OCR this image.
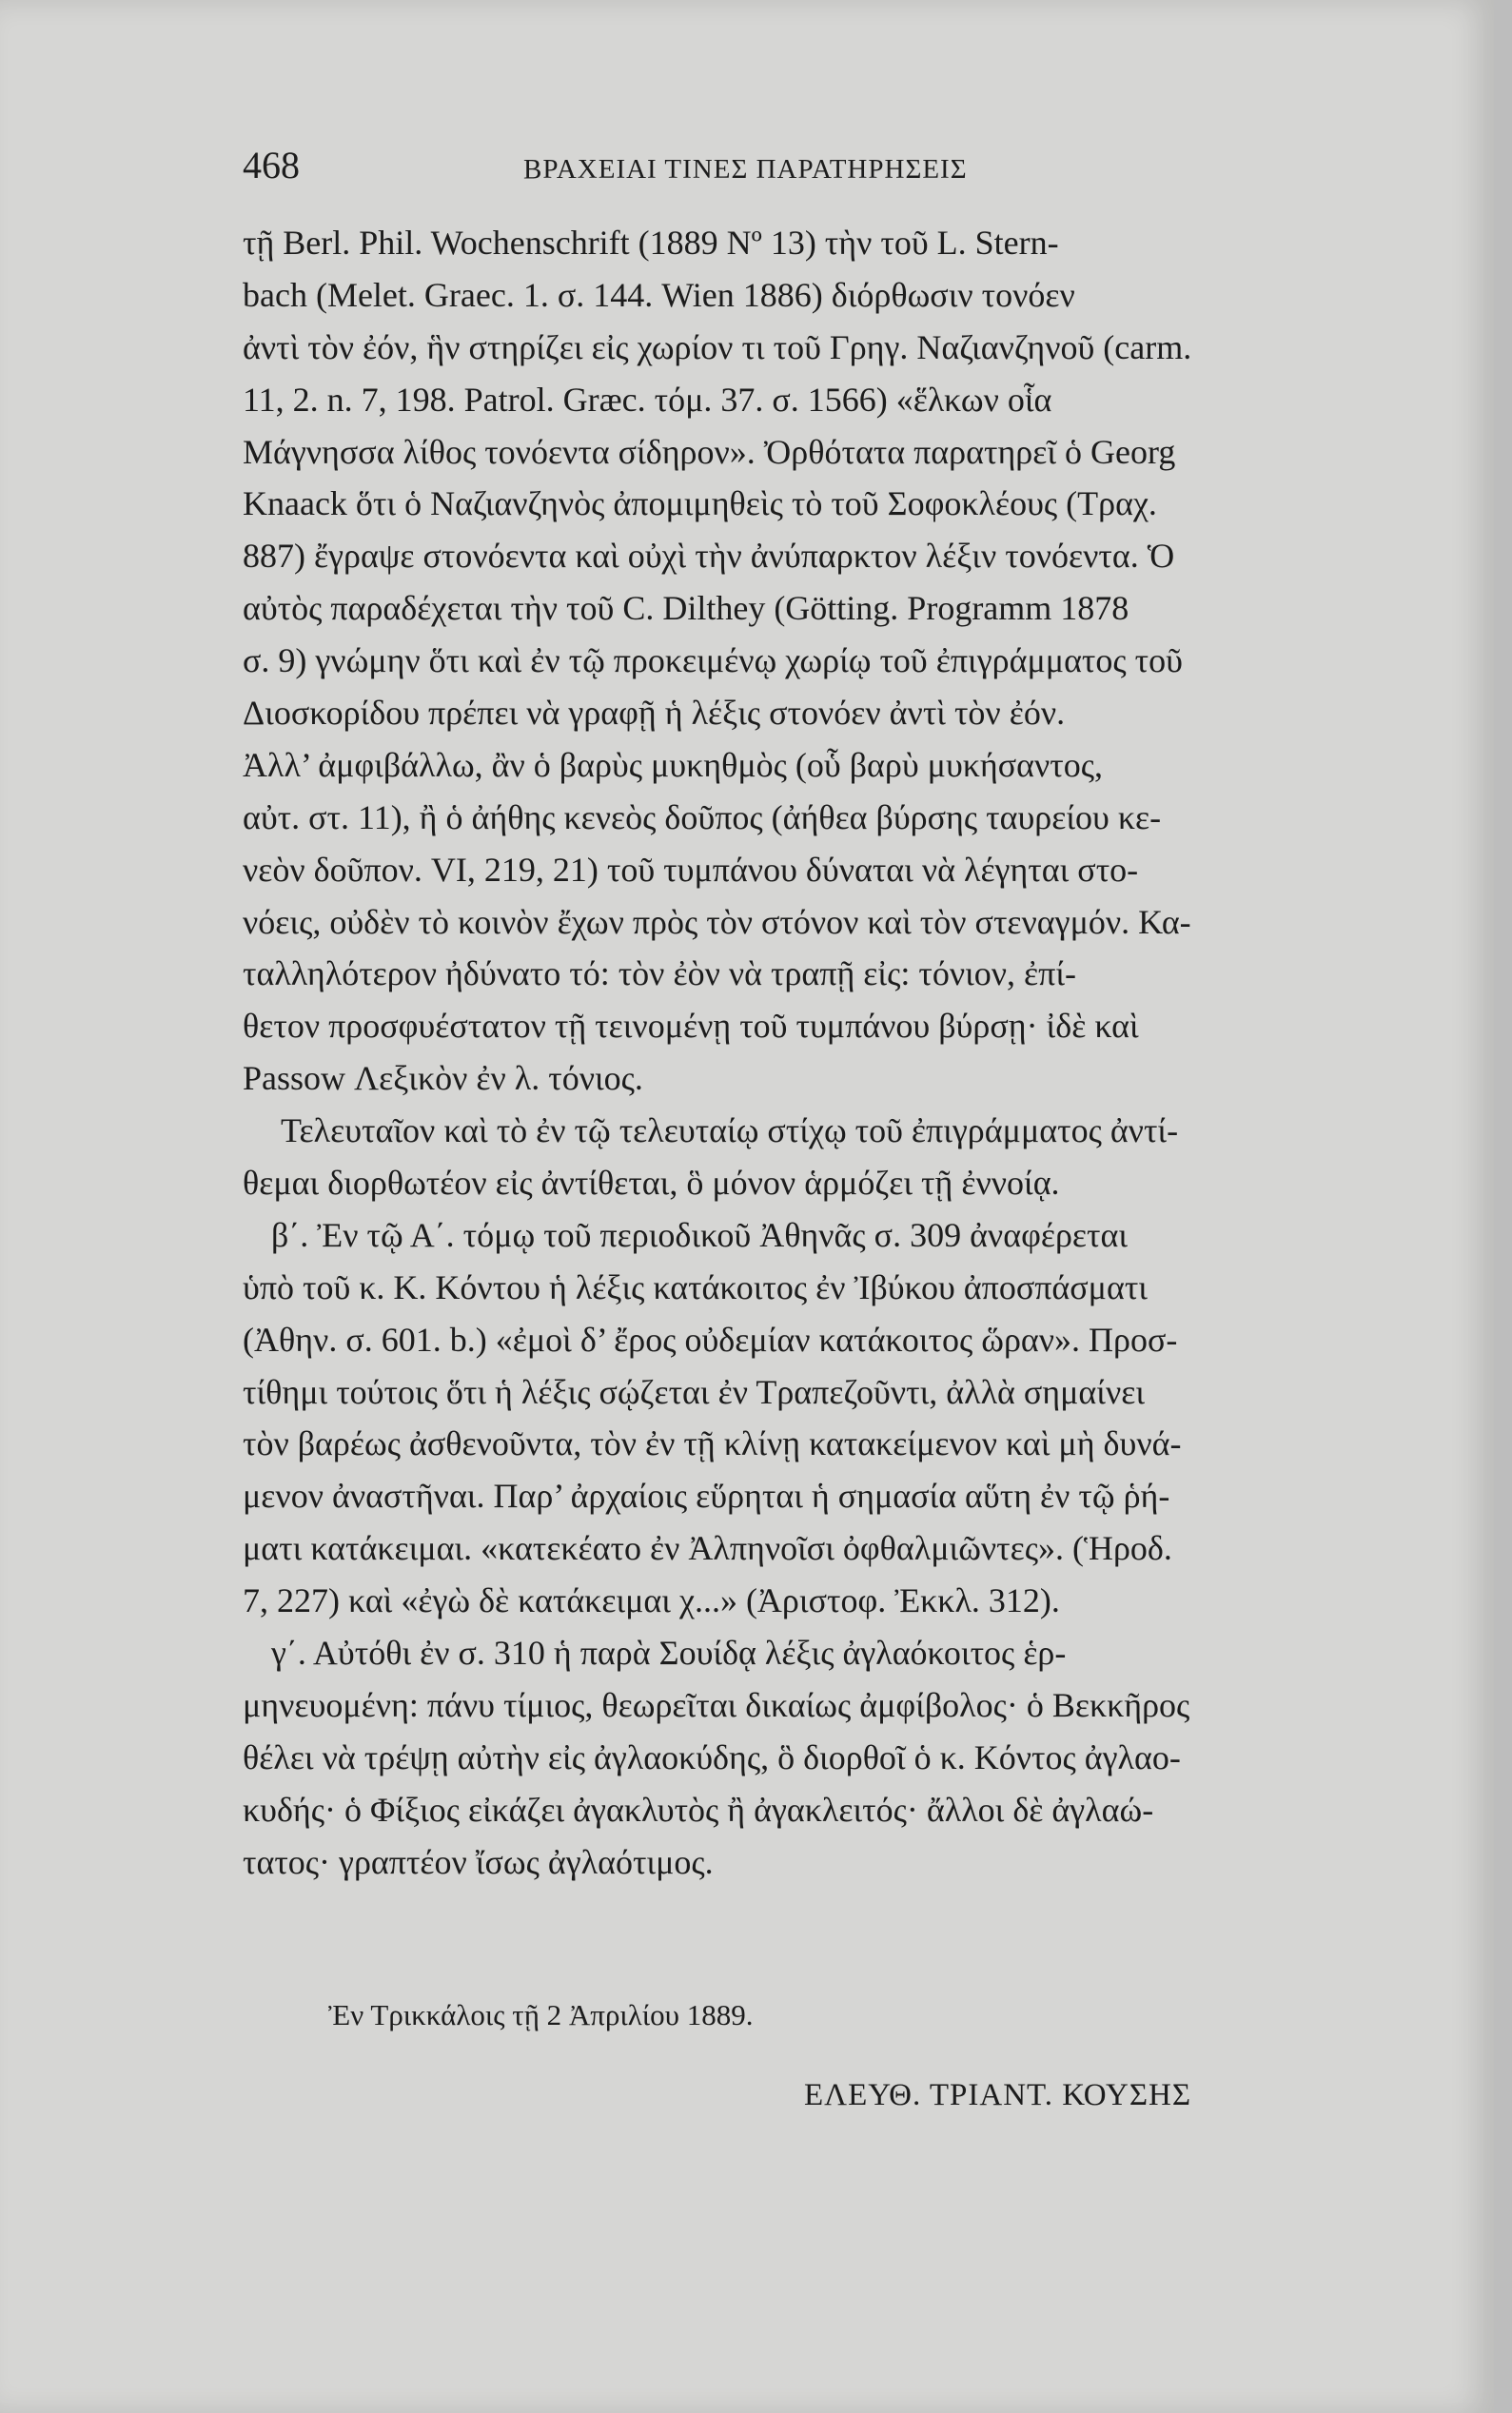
468	ΒΡΑΧΕΙΑΙ ΤΙΝΕΣ ΠΑΡΑΤΗΡΗΣΕΙΣ
τῇ Berl. Phil. Wochenschrift (1889 Nº 13) τὴν τοῦ L. Stern-
bach (Melet. Graec. 1. σ. 144. Wien 1886) διόρθωσιν τονόεν
ἀντὶ τὸν ἐόν, ἣν στηρίζει εἰς χωρίον τι τοῦ Γρηγ. Ναζιανζηνοῦ (carm.
11, 2. n. 7, 198. Patrol. Græc. τόμ. 37. σ. 1566) «ἕλκων οἷα
Μάγνησσα λίθος τονόεντα σίδηρον». Ὀρθότατα παρατηρεῖ ὁ Georg
Knaack ὅτι ὁ Ναζιανζηνὸς ἀπομιμηθεὶς τὸ τοῦ Σοφοκλέους (Τραχ.
887) ἔγραψε στονόεντα καὶ οὐχὶ τὴν ἀνύπαρκτον λέξιν τονόεντα. Ὁ
αὐτὸς παραδέχεται τὴν τοῦ C. Dilthey (Götting. Programm 1878
σ. 9) γνώμην ὅτι καὶ ἐν τῷ προκειμένῳ χωρίῳ τοῦ ἐπιγράμματος τοῦ
Διοσκορίδου πρέπει νὰ γραφῇ ἡ λέξις στονόεν ἀντὶ τὸν ἐόν.
Ἀλλ’ ἀμφιβάλλω, ἂν ὁ βαρὺς μυκηθμὸς (οὗ βαρὺ μυκήσαντος,
αὐτ. στ. 11), ἢ ὁ ἀήθης κενεὸς δοῦπος (ἀήθεα βύρσης ταυρείου κε-
νεὸν δοῦπον. VI, 219, 21) τοῦ τυμπάνου δύναται νὰ λέγηται στο-
νόεις, οὐδὲν τὸ κοινὸν ἔχων πρὸς τὸν στόνον καὶ τὸν στεναγμόν. Κα-
ταλληλότερον ἠδύνατο τό: τὸν ἐὸν νὰ τραπῇ εἰς: τόνιον, ἐπί-
θετον προσφυέστατον τῇ τεινομένῃ τοῦ τυμπάνου βύρσῃ· ἰδὲ καὶ
Passow Λεξικὸν ἐν λ. τόνιος.
Τελευταῖον καὶ τὸ ἐν τῷ τελευταίῳ στίχῳ τοῦ ἐπιγράμματος ἀντί-
θεμαι διορθωτέον εἰς ἀντίθεται, ὃ μόνον ἁρμόζει τῇ ἐννοίᾳ.
β΄. Ἐν τῷ Α΄. τόμῳ τοῦ περιοδικοῦ Ἀθηνᾶς σ. 309 ἀναφέρεται
ὑπὸ τοῦ κ. Κ. Κόντου ἡ λέξις κατάκοιτος ἐν Ἰβύκου ἀποσπάσματι
(Ἀθην. σ. 601. b.) «ἐμοὶ δ’ ἔρος οὐδεμίαν κατάκοιτος ὥραν». Προσ-
τίθημι τούτοις ὅτι ἡ λέξις σῴζεται ἐν Τραπεζοῦντι, ἀλλὰ σημαίνει
τὸν βαρέως ἀσθενοῦντα, τὸν ἐν τῇ κλίνῃ κατακείμενον καὶ μὴ δυνά-
μενον ἀναστῆναι. Παρ’ ἀρχαίοις εὕρηται ἡ σημασία αὕτη ἐν τῷ ῥή-
ματι κατάκειμαι. «κατεκέατο ἐν Ἀλπηνοῖσι ὀφθαλμιῶντες». (Ἡροδ.
7, 227) καὶ «ἐγὼ δὲ κατάκειμαι χ...» (Ἀριστοφ. Ἐκκλ. 312).
γ΄. Αὐτόθι ἐν σ. 310 ἡ παρὰ Σουίδᾳ λέξις ἀγλαόκοιτος ἑρ-
μηνευομένη: πάνυ τίμιος, θεωρεῖται δικαίως ἀμφίβολος· ὁ Βεκκῆρος
θέλει νὰ τρέψῃ αὐτὴν εἰς ἀγλαοκύδης, ὃ διορθοῖ ὁ κ. Κόντος ἀγλαο-
κυδής· ὁ Φίξιος εἰκάζει ἀγακλυτὸς ἢ ἀγακλειτός· ἄλλοι δὲ ἀγλαώ-
τατος· γραπτέον ἴσως ἀγλαότιμος.
Ἐν Τρικκάλοις τῇ 2 Ἀπριλίου 1889.
ΕΛΕΥΘ. ΤΡΙΑΝΤ. ΚΟΥΣΗΣ
